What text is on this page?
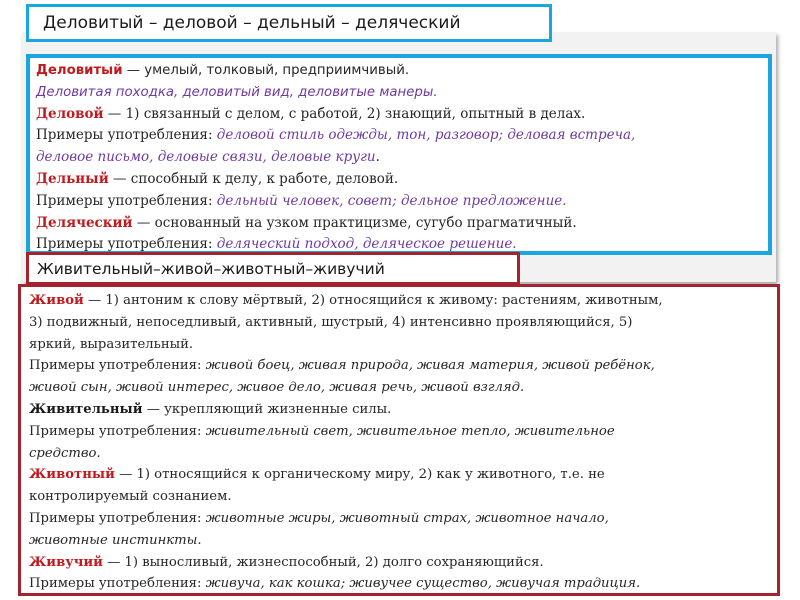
Деловитый – деловой – дельный – деляческий
Деловитый — умелый, толковый, предприимчивый.
Деловитая походка, деловитый вид, деловитые манеры.
Деловой — 1) связанный с делом, с работой, 2) знающий, опытный в делах.
Примеры употребления: деловой стиль одежды, тон, разговор; деловая встреча,
деловое письмо, деловые связи, деловые круги.
Дельный — способный к делу, к работе, деловой.
Примеры употребления: дельный человек, совет; дельное предложение.
Деляческий — основанный на узком практицизме, сугубо прагматичный.
Примеры употребления: деляческий подход, деляческое решение.
Живительный–живой–животный–живучий
Живой — 1) антоним к слову мёртвый, 2) относящийся к живому: растениям, животным,
3) подвижный, непоседливый, активный, шустрый, 4) интенсивно проявляющийся, 5)
яркий, выразительный.
Примеры употребления: живой боец, живая природа, живая материя, живой ребёнок,
живой сын, живой интерес, живое дело, живая речь, живой взгляд.
Живительный — укрепляющий жизненные силы.
Примеры употребления: живительный свет, живительное тепло, живительное
средство.
Животный — 1) относящийся к органическому миру, 2) как у животного, т.е. не
контролируемый сознанием.
Примеры употребления: животные жиры, животный страх, животное начало,
животные инстинкты.
Живучий — 1) выносливый, жизнеспособный, 2) долго сохраняющийся.
Примеры употребления: живуча, как кошка; живучее существо, живучая традиция.
